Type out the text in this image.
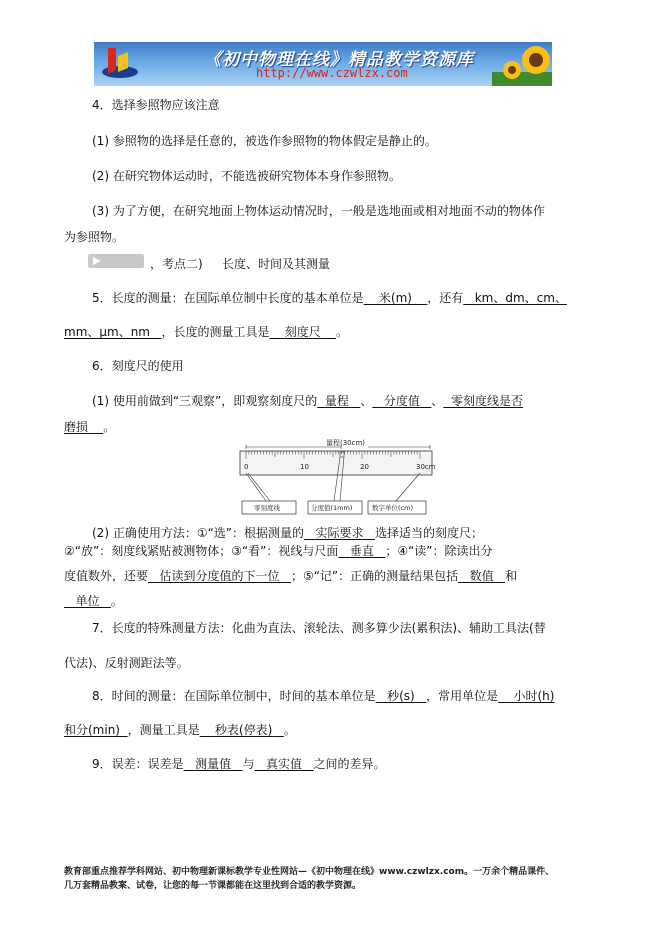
《初中物理在线》精品教学资源库
http://www.czwlzx.com
4．选择参照物应该注意
(1) 参照物的选择是任意的，被选作参照物的物体假定是静止的。
(2) 在研究物体运动时，不能选被研究物体本身作参照物。
(3) 为了方便，在研究地面上物体运动情况时，一般是选地面或相对地面不动的物体作
为参照物。
，考点二) 长度、时间及其测量
5．长度的测量：在国际单位制中长度的基本单位是 米(m) ，还有 km、dm、cm、
mm、μm、nm ，长度的测量工具是 刻度尺 。
6．刻度尺的使用
(1) 使用前做到“三观察”，即观察刻度尺的 量程 、 分度值 、 零刻度线是否
磨损 。
量程(30cm)
0	10	20	30cm
零刻度线	分度值(1mm)	数字单位(cm)
(2) 正确使用方法：①“选”：根据测量的 实际要求 选择适当的刻度尺；
②“放”：刻度线紧贴被测物体；③“看”：视线与尺面 垂直 ；④“读”：除读出分
度值数外，还要 估读到分度值的下一位 ；⑤“记”：正确的测量结果包括 数值 和
单位 。
7．长度的特殊测量方法：化曲为直法、滚轮法、测多算少法(累积法)、辅助工具法(替
代法)、反射测距法等。
8．时间的测量：在国际单位制中，时间的基本单位是 秒(s) ，常用单位是 小时(h)
和分(min) ，测量工具是 秒表(停表) 。
9．误差：误差是 测量值 与 真实值 之间的差异。
教育部重点推荐学科网站、初中物理新课标教学专业性网站—《初中物理在线》www.czwlzx.com。一万余个精品课件、
几万套精品教案、试卷，让您的每一节课都能在这里找到合适的教学资源。
